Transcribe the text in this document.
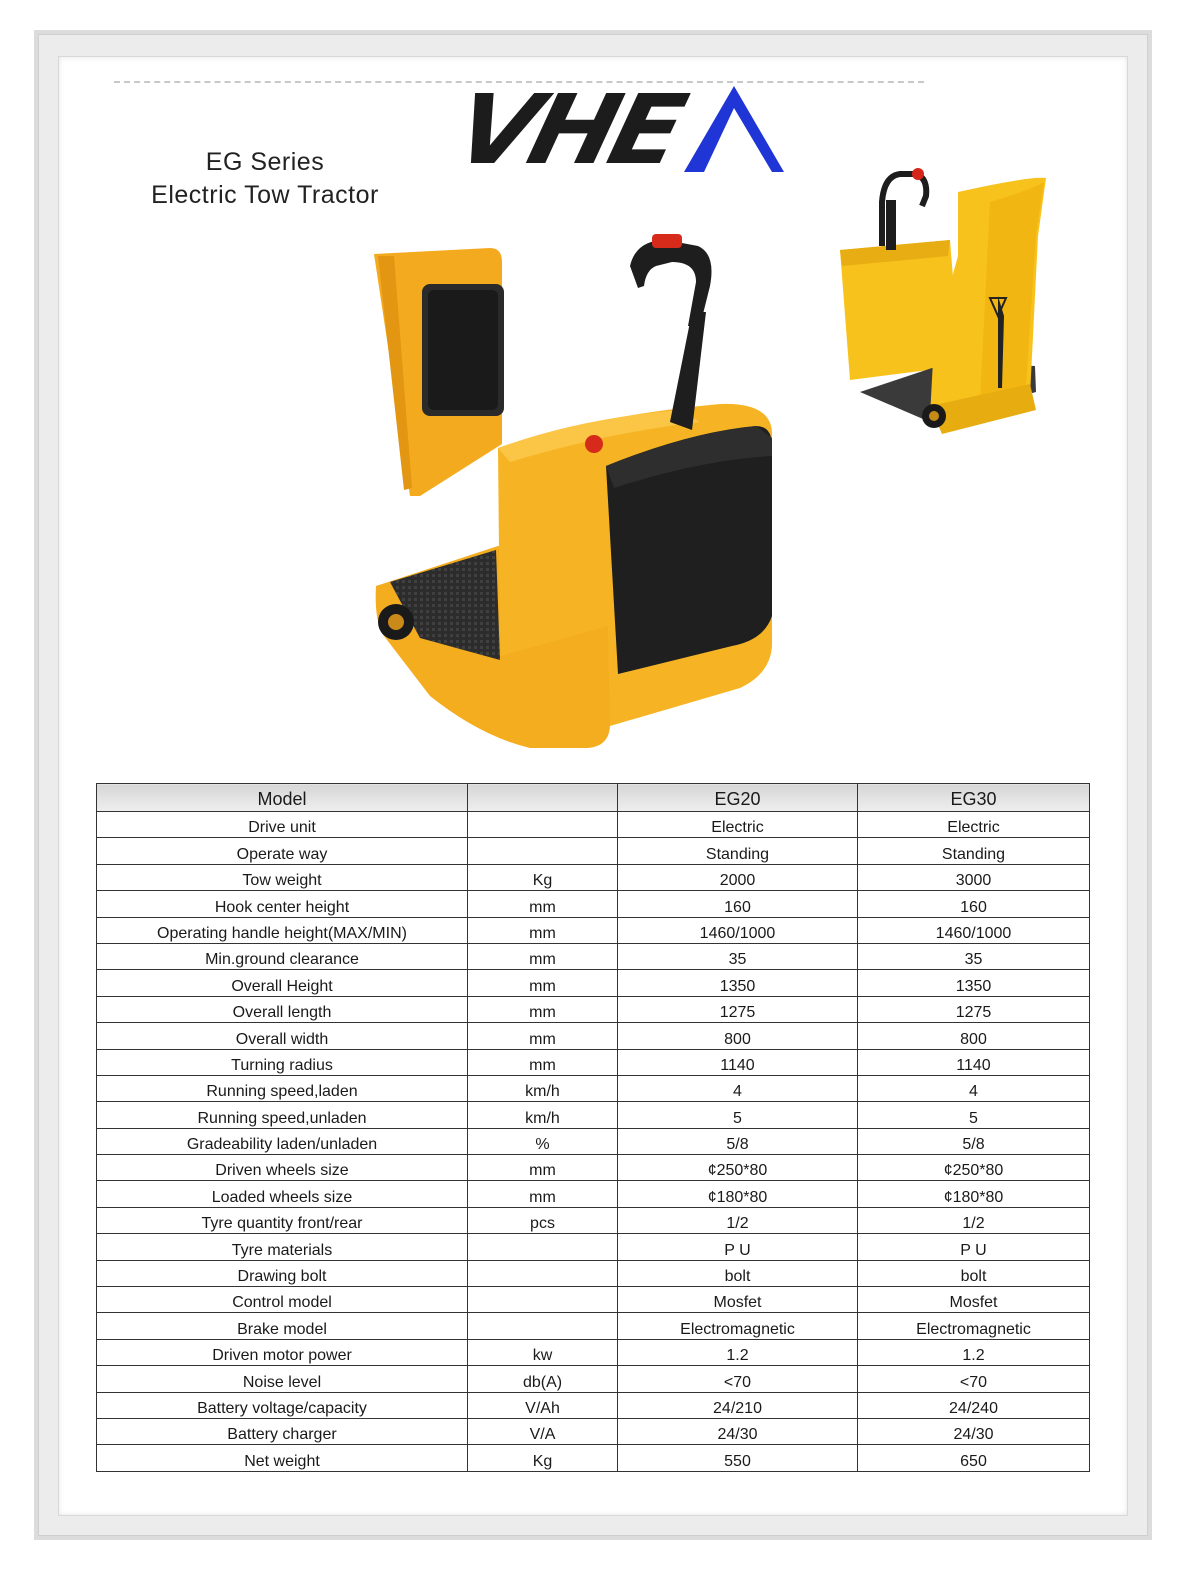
EG Series
Electric Tow Tractor
VHE
Model		EG20	EG30
Drive unit		Electric	Electric
Operate way		Standing	Standing
Tow weight	Kg	2000	3000
Hook center height	mm	160	160
Operating handle height(MAX/MIN)	mm	1460/1000	1460/1000
Min.ground clearance	mm	35	35
Overall Height	mm	1350	1350
Overall length	mm	1275	1275
Overall width	mm	800	800
Turning radius	mm	1140	1140
Running speed,laden	km/h	4	4
Running speed,unladen	km/h	5	5
Gradeability laden/unladen	%	5/8	5/8
Driven wheels size	mm	¢250*80	¢250*80
Loaded wheels size	mm	¢180*80	¢180*80
Tyre quantity front/rear	pcs	1/2	1/2
Tyre materials		P U	P U
Drawing bolt		bolt	bolt
Control model		Mosfet	Mosfet
Brake model		Electromagnetic	Electromagnetic
Driven motor power	kw	1.2	1.2
Noise level	db(A)	<70	<70
Battery voltage/capacity	V/Ah	24/210	24/240
Battery charger	V/A	24/30	24/30
Net weight	Kg	550	650
